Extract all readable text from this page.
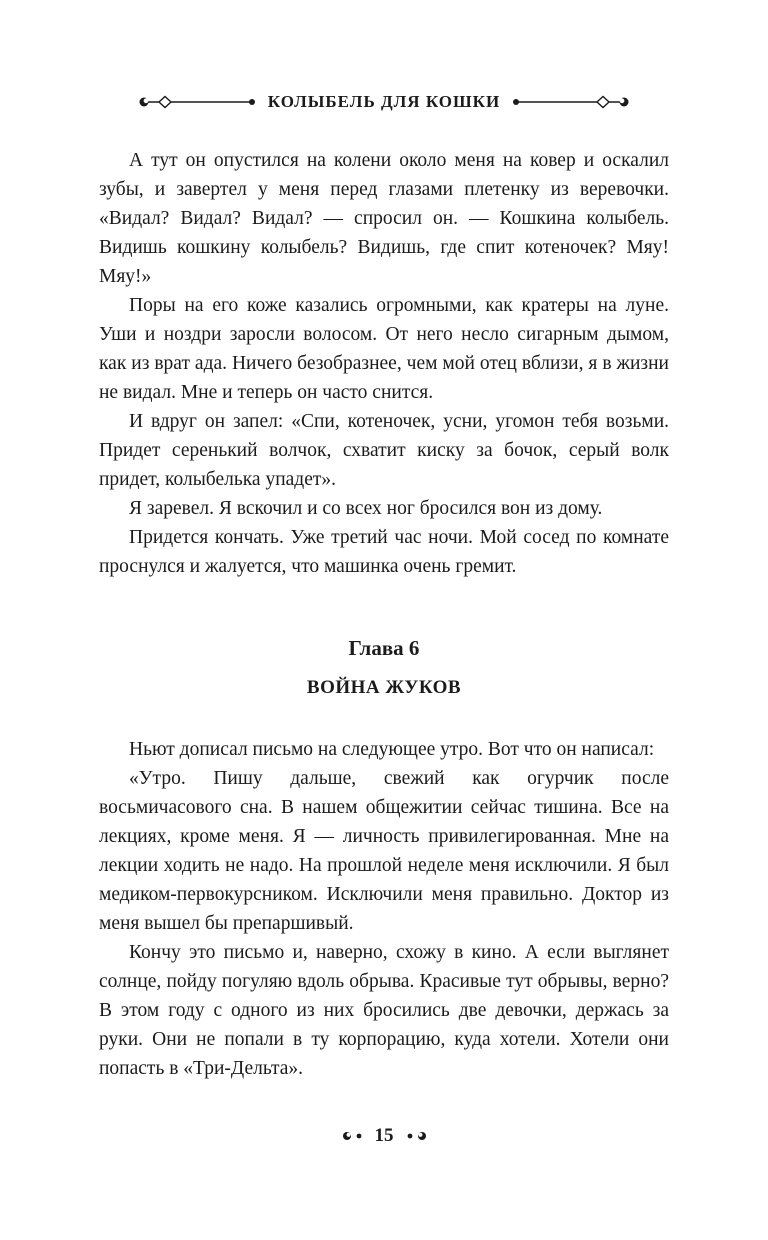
КОЛЫБЕЛЬ ДЛЯ КОШКИ

А тут он опустился на колени около меня на ковер и оскалил зубы, и завертел у меня перед глазами плетенку из веревочки. «Видал? Видал? Видал? — спросил он. — Кошкина колыбель. Видишь кошкину колыбель? Видишь, где спит котеночек? Мяу! Мяу!»

Поры на его коже казались огромными, как кратеры на луне. Уши и ноздри заросли волосом. От него несло сигарным дымом, как из врат ада. Ничего безобразнее, чем мой отец вблизи, я в жизни не видал. Мне и теперь он часто снится.

И вдруг он запел: «Спи, котеночек, усни, угомон тебя возьми. Придет серенький волчок, схватит киску за бочок, серый волк придет, колыбелька упадет».

Я заревел. Я вскочил и со всех ног бросился вон из дому.

Придется кончать. Уже третий час ночи. Мой сосед по комнате проснулся и жалуется, что машинка очень гремит.

Глава 6

ВОЙНА ЖУКОВ

Ньют дописал письмо на следующее утро. Вот что он написал:

«Утро. Пишу дальше, свежий как огурчик после восьмичасового сна. В нашем общежитии сейчас тишина. Все на лекциях, кроме меня. Я — личность привилегированная. Мне на лекции ходить не надо. На прошлой неделе меня исключили. Я был медиком-первокурсником. Исключили меня правильно. Доктор из меня вышел бы препаршивый.

Кончу это письмо и, наверно, схожу в кино. А если выглянет солнце, пойду погуляю вдоль обрыва. Красивые тут обрывы, верно? В этом году с одного из них бросились две девочки, держась за руки. Они не попали в ту корпорацию, куда хотели. Хотели они попасть в «Три-Дельта».

15
